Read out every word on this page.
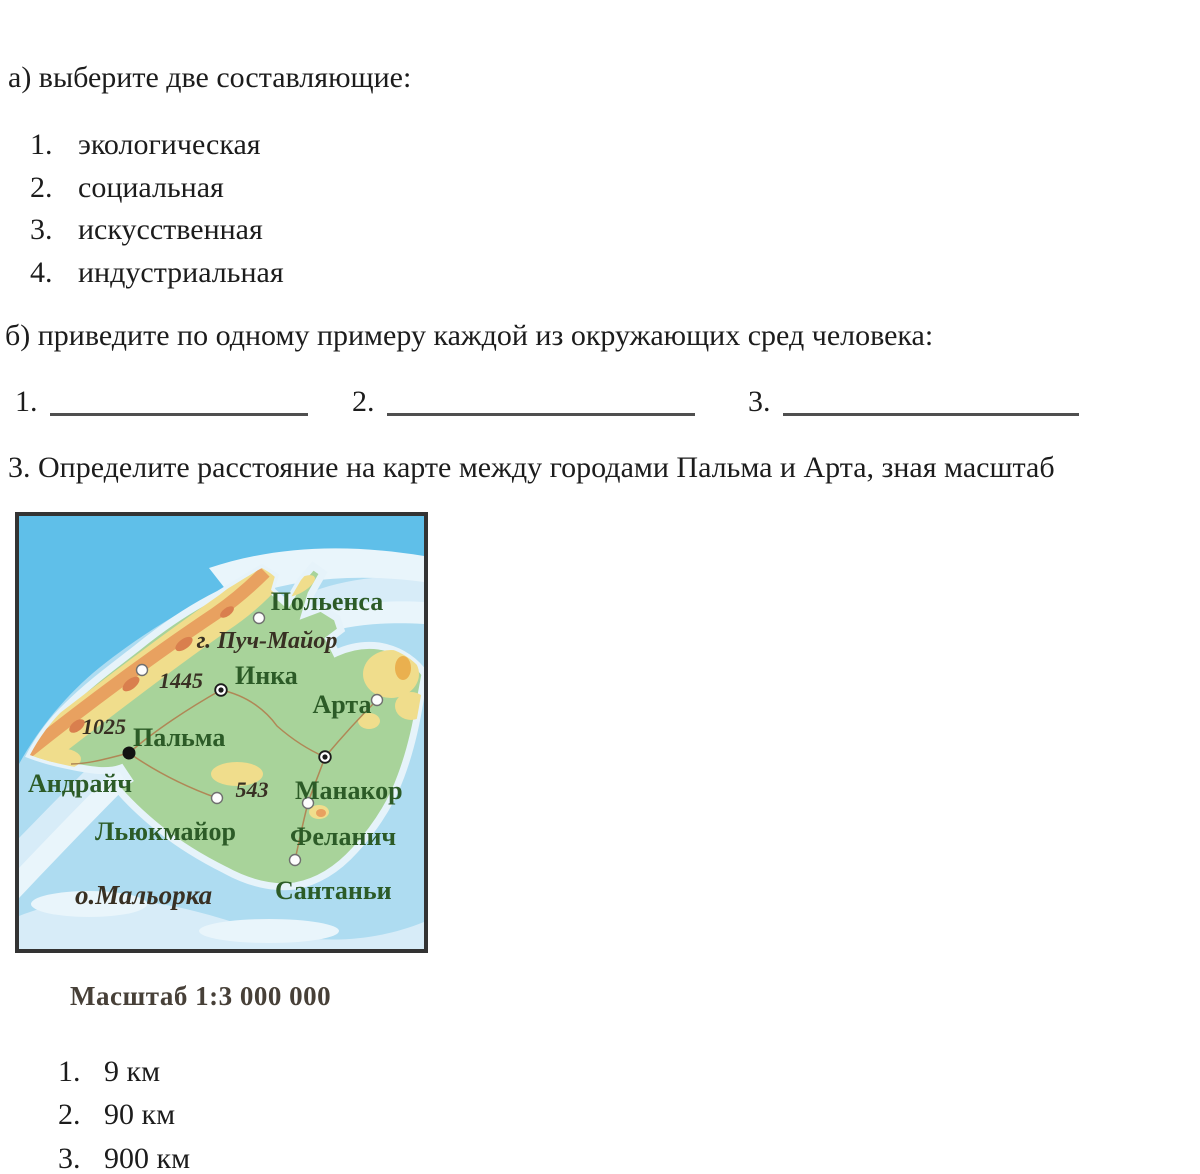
а) выберите две составляющие:
1. экологическая
2. социальная
3. искусственная
4. индустриальная
б) приведите по одному примеру каждой из окружающих сред человека:
1.	2.	3.
3. Определите расстояние на карте между городами Пальма и Арта, зная масштаб
Польенса
г. Пуч-Майор
1445 Инка
Арта
1025 Пальма
Андрайч	543 Манакор
Льюкмайор Феланич
Сантаньи
о.Мальорка
Масштаб 1:3 000 000
1. 9 км
2. 90 км
3. 900 км
